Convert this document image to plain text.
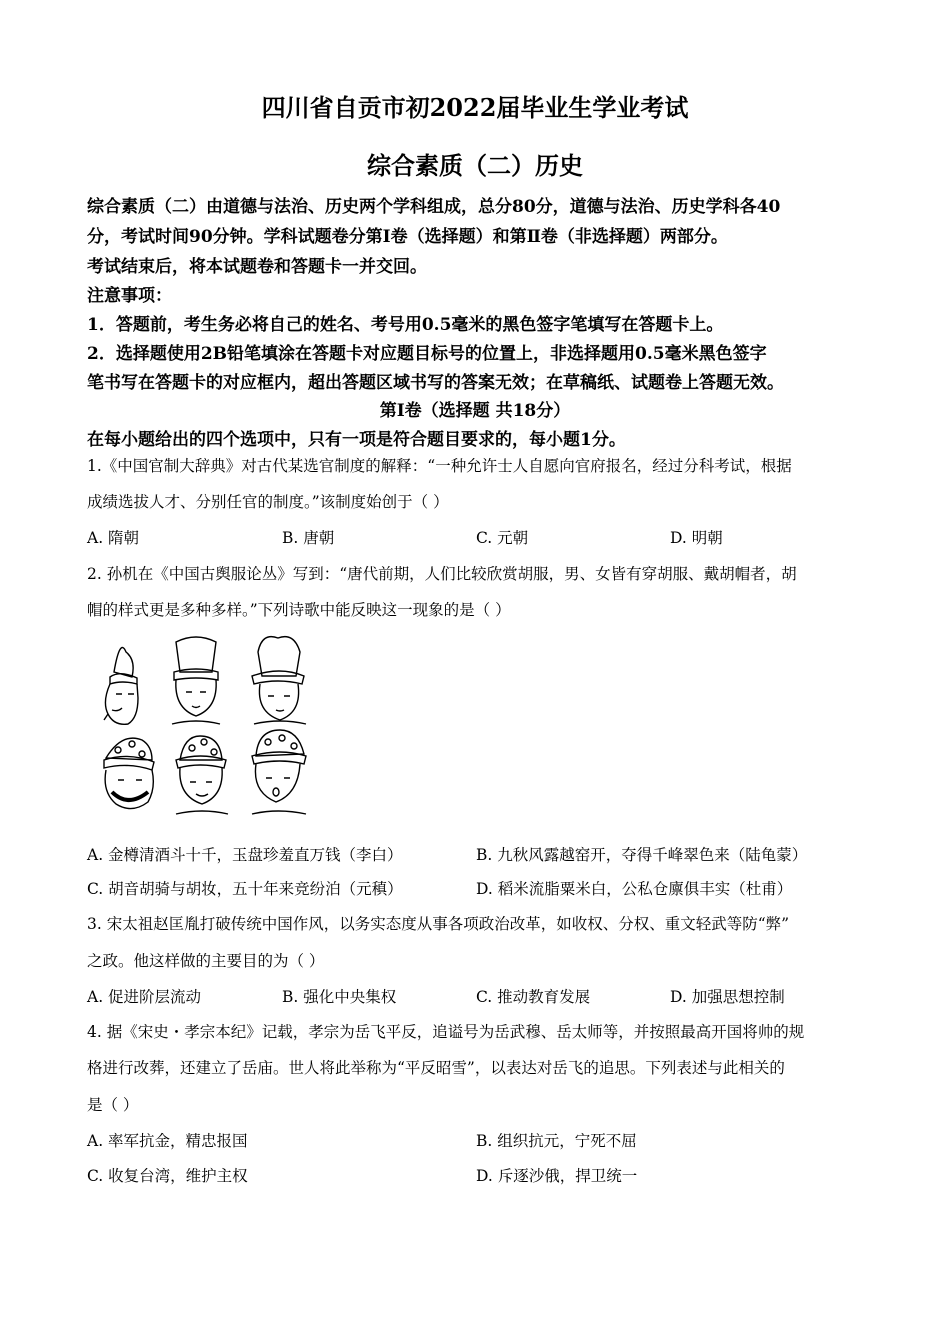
四川省自贡市初2022届毕业生学业考试
综合素质（二）历史
综合素质（二）由道德与法治、历史两个学科组成，总分80分，道德与法治、历史学科各40
分，考试时间90分钟。学科试题卷分第Ⅰ卷（选择题）和第Ⅱ卷（非选择题）两部分。
考试结束后，将本试题卷和答题卡一并交回。
注意事项：
1．答题前，考生务必将自己的姓名、考号用0.5毫米的黑色签字笔填写在答题卡上。
2．选择题使用2B铅笔填涂在答题卡对应题目标号的位置上，非选择题用0.5毫米黑色签字
笔书写在答题卡的对应框内，超出答题区域书写的答案无效；在草稿纸、试题卷上答题无效。
第Ⅰ卷（选择题 共18分）
在每小题给出的四个选项中，只有一项是符合题目要求的，每小题1分。
1.《中国官制大辞典》对古代某选官制度的解释：“一种允许士人自愿向官府报名，经过分科考试，根据
成绩选拔人才、分别任官的制度。”该制度始创于（ ）
A. 隋朝	B. 唐朝	C. 元朝	D. 明朝
2. 孙机在《中国古舆服论丛》写到：“唐代前期，人们比较欣赏胡服，男、女皆有穿胡服、戴胡帽者，胡
帽的样式更是多种多样。”下列诗歌中能反映这一现象的是（ ）
A. 金樽清酒斗十千，玉盘珍羞直万钱（李白）	B. 九秋风露越窑开，夺得千峰翠色来（陆龟蒙）
C. 胡音胡骑与胡妆，五十年来竞纷泊（元稹）	D. 稻米流脂粟米白，公私仓廪俱丰实（杜甫）
3. 宋太祖赵匡胤打破传统中国作风，以务实态度从事各项政治改革，如收权、分权、重文轻武等防“弊”
之政。他这样做的主要目的为（ ）
A. 促进阶层流动	B. 强化中央集权	C. 推动教育发展	D. 加强思想控制
4. 据《宋史・孝宗本纪》记载，孝宗为岳飞平反，追谥号为岳武穆、岳太师等，并按照最高开国将帅的规
格进行改葬，还建立了岳庙。世人将此举称为“平反昭雪”，以表达对岳飞的追思。下列表述与此相关的
是（ ）
A. 率军抗金，精忠报国	B. 组织抗元，宁死不屈
C. 收复台湾，维护主权	D. 斥逐沙俄，捍卫统一
